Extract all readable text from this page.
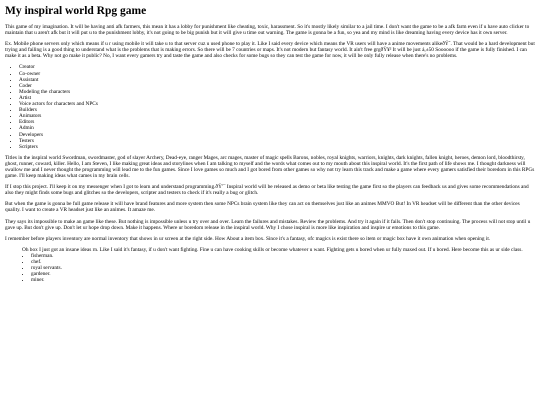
My inspiral world Rpg game

This game of my imagination. It will be having anti afk farmers, this mean it has a lobby for punishment like cheating, toxic, harassment. So it's mostly likely similar to a jail time. I don't want the game to be a afk farm even if u have auto clicker to maintain that u aren't afk but it will put u to the punishment lobby, it's not going to be big punish but it will give u time out warning. The game is gonna be a fun, so yea and my mind is like dreaming having every device has it own server.

Ex. Mobile phone servers only which means if u r using mobile it will take u to that server cuz u used phone to play it. Like I said every device which means the VR users will have a anime movements alikeðŸ˜. That would be a hard development but trying and failing is a good thing to understand what is the problems that is making errors. So there will be 7 countries or maps. It's not modern but fantasy world. It ain't free grgðŸ¥² It will be just á,±50 Soooooo if the game is fully finished. I can make it as a beta. Why not go make it public? No, I want every gamers try and taste the game and also checks for some bugs so they can test the game for now, it will be only fully release when there's no problems.

• Creator
• Co-owner
• Assistant
• Coder
• Modeling the characters
• Artist
• Voice actors for characters and NPCs
• Builders
• Animators
• Editors
• Admin
• Developers
• Testers
• Scripters

Titles in the inspiral world Swordman, swordmaster, god of slayer Archery, Dead-eye, ranger Mages, arc mages, master of magic spells Barons, nobles, royal knights, warriors, knights, dark knights, fallen knight, heroes, demon lord, bloodthirsty, ghost, runner, coward, killer. Hello, I am Steven, I like making great ideas and storylines when I am talking to myself and the words what comes out to my mouth about this inspiral world. It's the first path of life shows me. I thought darkness will swallow me and I never thought the programming will lead me to the fun games. Since I love games so much and I got bored from other games so why not try learn this track and make a game where every gamers satisfied their boredom in this RPGs game. I'll keep making ideas what cames in my brain cells.

If I stop this project. I'll keep it on my messenger when I got to learn and understand programming.ðŸ'¯ Inspiral world will be released as demo or beta like testing the game first so the players can feedback us and gives some recommendations and also they might finds some bugs and glitches so the developers, scripter and testers to check if it's really a bug or glitch.

But when the game is gonna be full game release it will have brand features and more system then some NPCs brain system like they can act on themselves just like an animes MMVO But! In VR headset will be different than the other devices quality. I want to create a VR headset just like an animes. It amaze me.

They says its impossible to make an game like these. But nothing is impossible unless u try over and over. Learn the failures and mistakes. Review the problems. And try it again if it fails. Then don't stop continuing. The process will not stop until u gave up. But don't give up. Don't let ur hope drop down. Make it happens. Where ur boredom release in the inspiral world. Why I chose inspiral is more like inspiration and inspire ur emotions to this game.

I remember before players inventory are normal inventory that shows in ur screen at the right side. How About a item box. Since it's a fantasy, ofc magics is exist there so item or magic box have it own animation when opening it.

Oh box I just got an insane ideas rn. Like I said it's fantasy, if u don't want fighting. Fine u can have cooking skills or become whatever u want. Fighting gets u bored when ur fully maxed out. If u bored. Here become this as ur side class.

• fisherman.
• chef.
• royal servants.
• gardener.
• miner.
